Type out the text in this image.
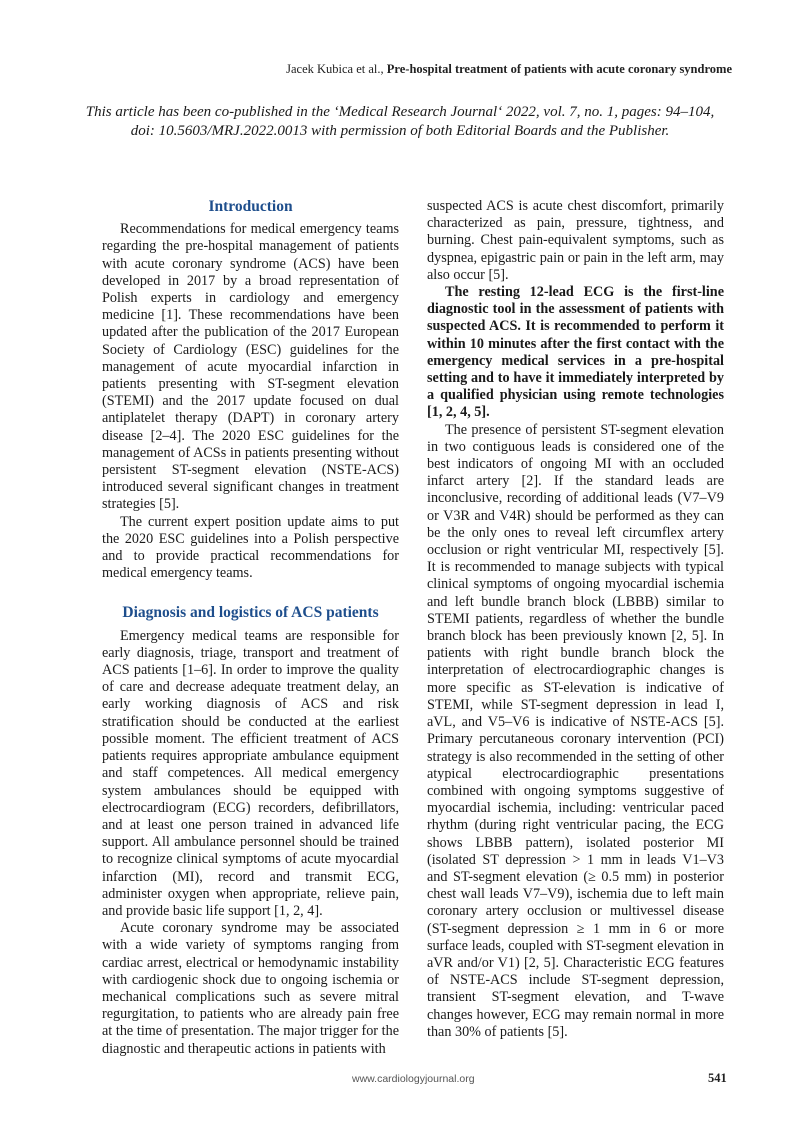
Jacek Kubica et al., Pre-hospital treatment of patients with acute coronary syndrome
This article has been co-published in the ‘Medical Research Journal‘ 2022, vol. 7, no. 1, pages: 94–104,
doi: 10.5603/MRJ.2022.0013 with permission of both Editorial Boards and the Publisher.
Introduction

Recommendations for medical emergency teams regarding the pre-hospital management of patients with acute coronary syndrome (ACS) have been developed in 2017 by a broad representation of Polish experts in cardiology and emergency medicine [1]. These recommendations have been updated after the publication of the 2017 European Society of Cardiology (ESC) guidelines for the management of acute myocardial infarction in patients presenting with ST-segment elevation (STEMI) and the 2017 update focused on dual antiplatelet therapy (DAPT) in coronary artery disease [2–4]. The 2020 ESC guidelines for the management of ACSs in patients presenting without persistent ST-segment elevation (NSTE-ACS) introduced several significant changes in treatment strategies [5].

The current expert position update aims to put the 2020 ESC guidelines into a Polish perspective and to provide practical recommendations for medical emergency teams.

Diagnosis and logistics of ACS patients

Emergency medical teams are responsible for early diagnosis, triage, transport and treatment of ACS patients [1–6]. In order to improve the quality of care and decrease adequate treatment delay, an early working diagnosis of ACS and risk stratification should be conducted at the earliest possible moment. The efficient treatment of ACS patients requires appropriate ambulance equipment and staff competences. All medical emergency system ambulances should be equipped with electrocardiogram (ECG) recorders, defibrillators, and at least one person trained in advanced life support. All ambulance personnel should be trained to recognize clinical symptoms of acute myocardial infarction (MI), record and transmit ECG, administer oxygen when appropriate, relieve pain, and provide basic life support [1, 2, 4].

Acute coronary syndrome may be associated with a wide variety of symptoms ranging from cardiac arrest, electrical or hemodynamic instability with cardiogenic shock due to ongoing ischemia or mechanical complications such as severe mitral regurgitation, to patients who are already pain free at the time of presentation. The major trigger for the diagnostic and therapeutic actions in patients with

suspected ACS is acute chest discomfort, primarily characterized as pain, pressure, tightness, and burning. Chest pain-equivalent symptoms, such as dyspnea, epigastric pain or pain in the left arm, may also occur [5].

The resting 12-lead ECG is the first-line diagnostic tool in the assessment of patients with suspected ACS. It is recommended to perform it within 10 minutes after the first contact with the emergency medical services in a pre-hospital setting and to have it immediately interpreted by a qualified physician using remote technologies [1, 2, 4, 5].

The presence of persistent ST-segment elevation in two contiguous leads is considered one of the best indicators of ongoing MI with an occluded infarct artery [2]. If the standard leads are inconclusive, recording of additional leads (V7–V9 or V3R and V4R) should be performed as they can be the only ones to reveal left circumflex artery occlusion or right ventricular MI, respectively [5]. It is recommended to manage subjects with typical clinical symptoms of ongoing myocardial ischemia and left bundle branch block (LBBB) similar to STEMI patients, regardless of whether the bundle branch block has been previously known [2, 5]. In patients with right bundle branch block the interpretation of electrocardiographic changes is more specific as ST-elevation is indicative of STEMI, while ST-segment depression in lead I, aVL, and V5–V6 is indicative of NSTE-ACS [5]. Primary percutaneous coronary intervention (PCI) strategy is also recommended in the setting of other atypical electrocardiographic presentations combined with ongoing symptoms suggestive of myocardial ischemia, including: ventricular paced rhythm (during right ventricular pacing, the ECG shows LBBB pattern), isolated posterior MI (isolated ST depression > 1 mm in leads V1–V3 and ST-segment elevation (≥ 0.5 mm) in posterior chest wall leads V7–V9), ischemia due to left main coronary artery occlusion or multivessel disease (ST-segment depression ≥ 1 mm in 6 or more surface leads, coupled with ST-segment elevation in aVR and/or V1) [2, 5]. Characteristic ECG features of NSTE-ACS include ST-segment depression, transient ST-segment elevation, and T-wave changes however, ECG may remain normal in more than 30% of patients [5].

www.cardiologyjournal.org	541
